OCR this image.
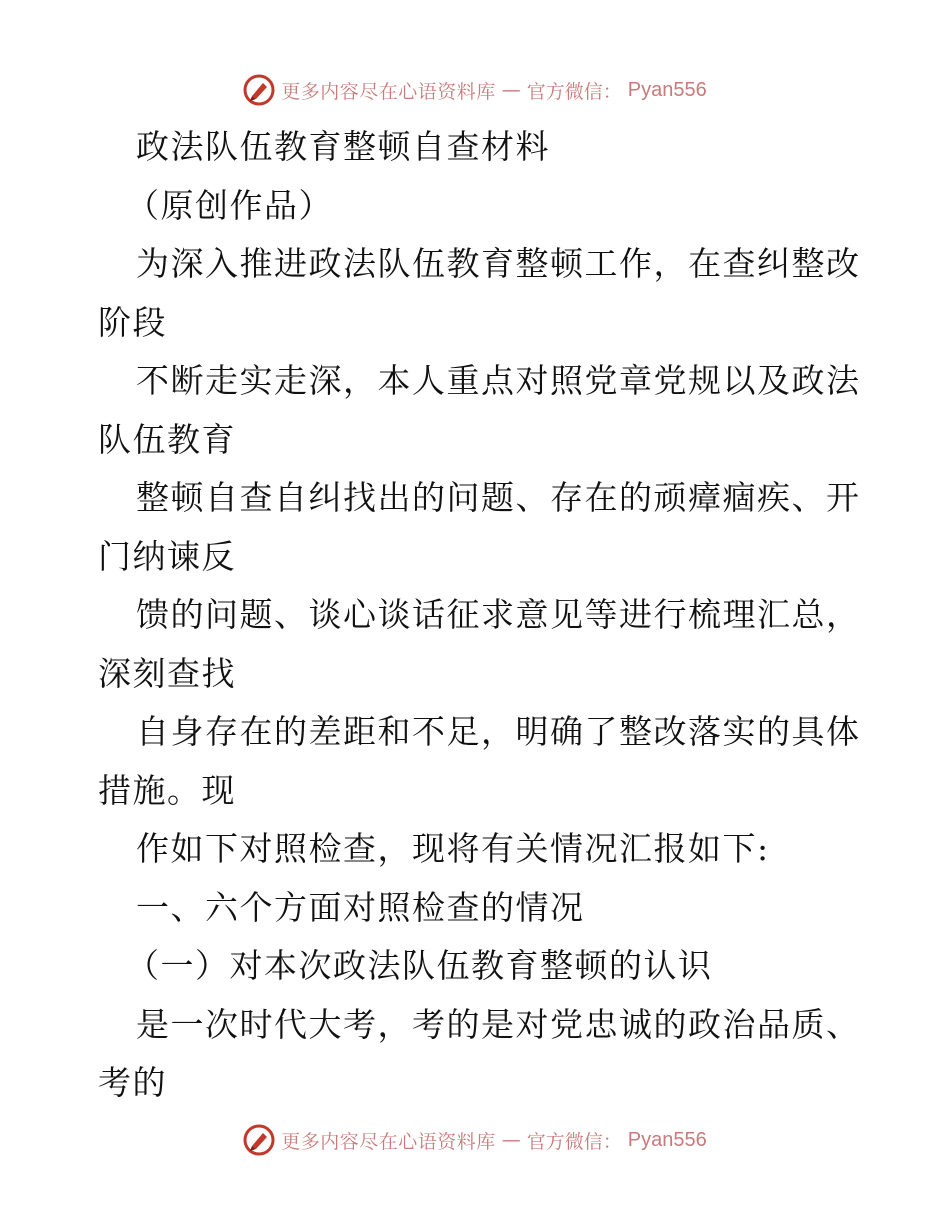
更多内容尽在心语资料库 — 官方微信： Pyan556
政法队伍教育整顿自查材料
（原创作品）
为深入推进政法队伍教育整顿工作，在查纠整改
阶段
不断走实走深，本人重点对照党章党规以及政法
队伍教育
整顿自查自纠找出的问题、存在的顽瘴痼疾、开
门纳谏反
馈的问题、谈心谈话征求意见等进行梳理汇总，
深刻查找
自身存在的差距和不足，明确了整改落实的具体
措施。现
作如下对照检查，现将有关情况汇报如下:
一、六个方面对照检查的情况
（一）对本次政法队伍教育整顿的认识
是一次时代大考，考的是对党忠诚的政治品质、
考的
更多内容尽在心语资料库 — 官方微信： Pyan556
